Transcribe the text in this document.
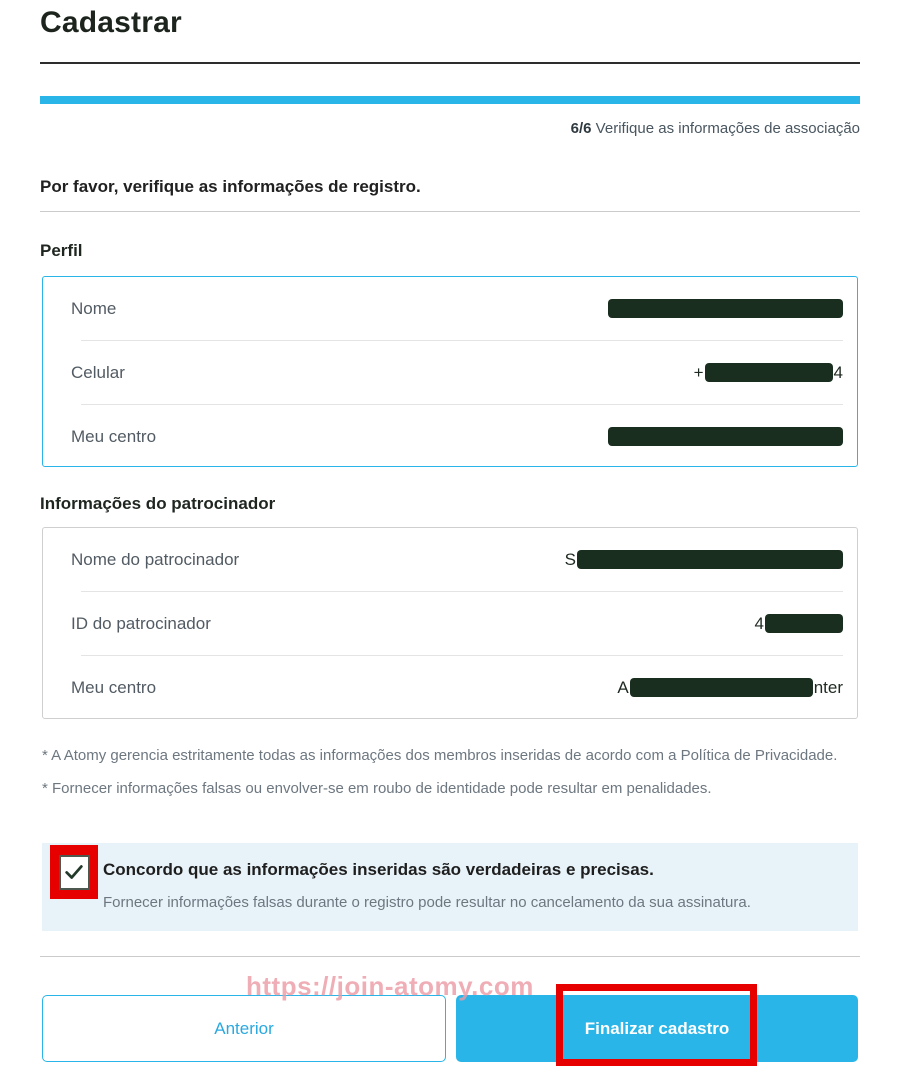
Cadastrar
6/6 Verifique as informações de associação
Por favor, verifique as informações de registro.
Perfil
Nome
Celular	+	4
Meu centro
Informações do patrocinador
Nome do patrocinador	S
ID do patrocinador	4
Meu centro	A	nter

* A Atomy gerencia estritamente todas as informações dos membros inseridas de acordo com a Política de Privacidade.

* Fornecer informações falsas ou envolver-se em roubo de identidade pode resultar em penalidades.

Concordo que as informações inseridas são verdadeiras e precisas.
Fornecer informações falsas durante o registro pode resultar no cancelamento da sua assinatura.
https://join-atomy.com
Anterior	Finalizar cadastro
